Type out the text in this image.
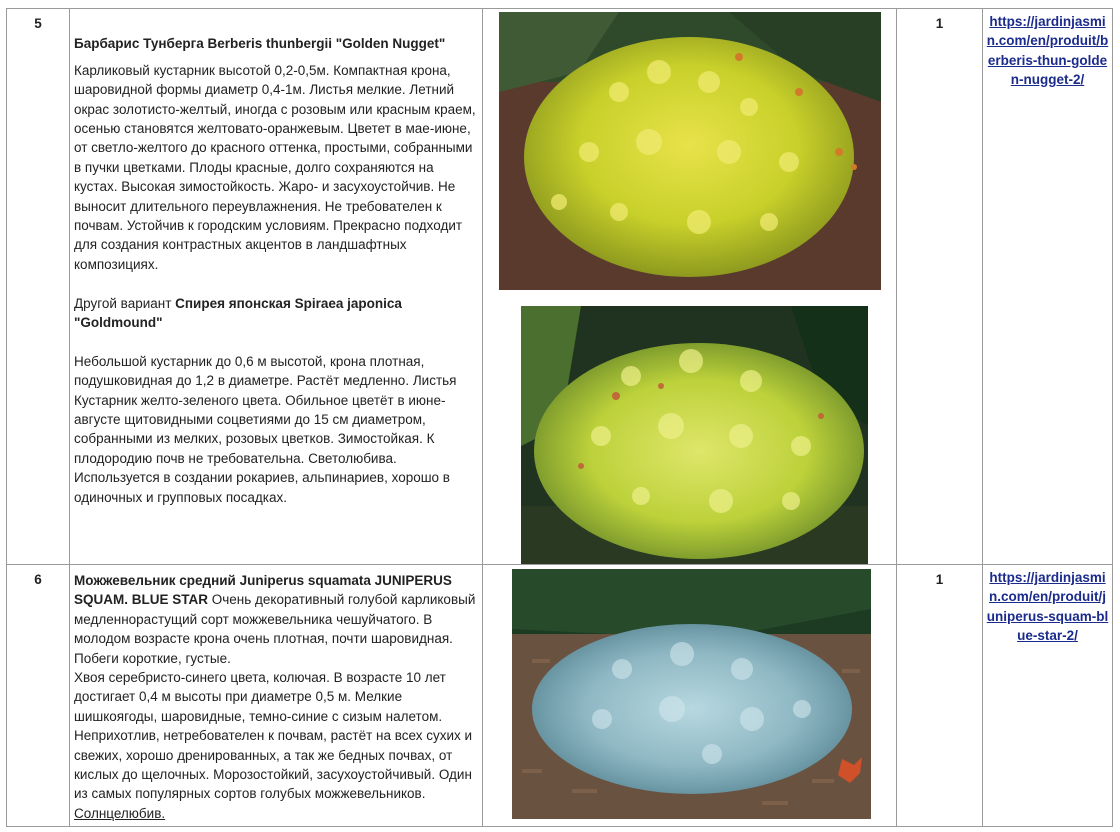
5	Барбарис Тунберга Berberis thunbergii "Golden Nugget"

Карликовый кустарник высотой 0,2-0,5м. Компактная крона, шаровидной формы диаметр 0,4-1м. Листья мелкие. Летний окрас золотисто-желтый, иногда с розовым или красным краем, осенью становятся желтовато-оранжевым. Цветет в мае-июне, от светло-желтого до красного оттенка, простыми, собранными в пучки цветками. Плоды красные, долго сохраняются на кустах. Высокая зимостойкость. Жаро- и засухоустойчив. Не выносит длительного переувлажнения. Не требователен к почвам. Устойчив к городским условиям. Прекрасно подходит для создания контрастных акцентов в ландшафтных композициях.

Другой вариант Спирея японская Spiraea japonica "Goldmound"

Небольшой кустарник до 0,6 м высотой, крона плотная, подушковидная до 1,2 в диаметре. Растёт медленно. Листья Кустарник желто-зеленого цвета. Обильное цветёт в июне-августе щитовидными соцветиями до 15 см диаметром, собранными из мелких, розовых цветков. Зимостойкая. К плодородию почв не требовательна. Светолюбива. Используется в создании рокариев, альпинариев, хорошо в одиночных и групповых посадках.		1	https://jardinjasmin.com/en/produit/berberis-thun-golden-nugget-2/
6	Можжевельник средний Juniperus squamata JUNIPERUS SQUAM. BLUE STAR Очень декоративный голубой карликовый медленнорастущий сорт можжевельника чешуйчатого. В молодом возрасте крона очень плотная, почти шаровидная. Побеги короткие, густые.

Хвоя серебристо-синего цвета, колючая. В возрасте 10 лет достигает 0,4 м высоты при диаметре 0,5 м. Мелкие шишкоягоды, шаровидные, темно-синие с сизым налетом. Неприхотлив, нетребователен к почвам, растёт на всех сухих и свежих, хорошо дренированных, а так же бедных почвах, от кислых до щелочных. Морозостойкий, засухоустойчивый. Один из самых популярных сортов голубых можжевельников. Солнцелюбив.		1	https://jardinjasmin.com/en/produit/juniperus-squam-blue-star-2/
